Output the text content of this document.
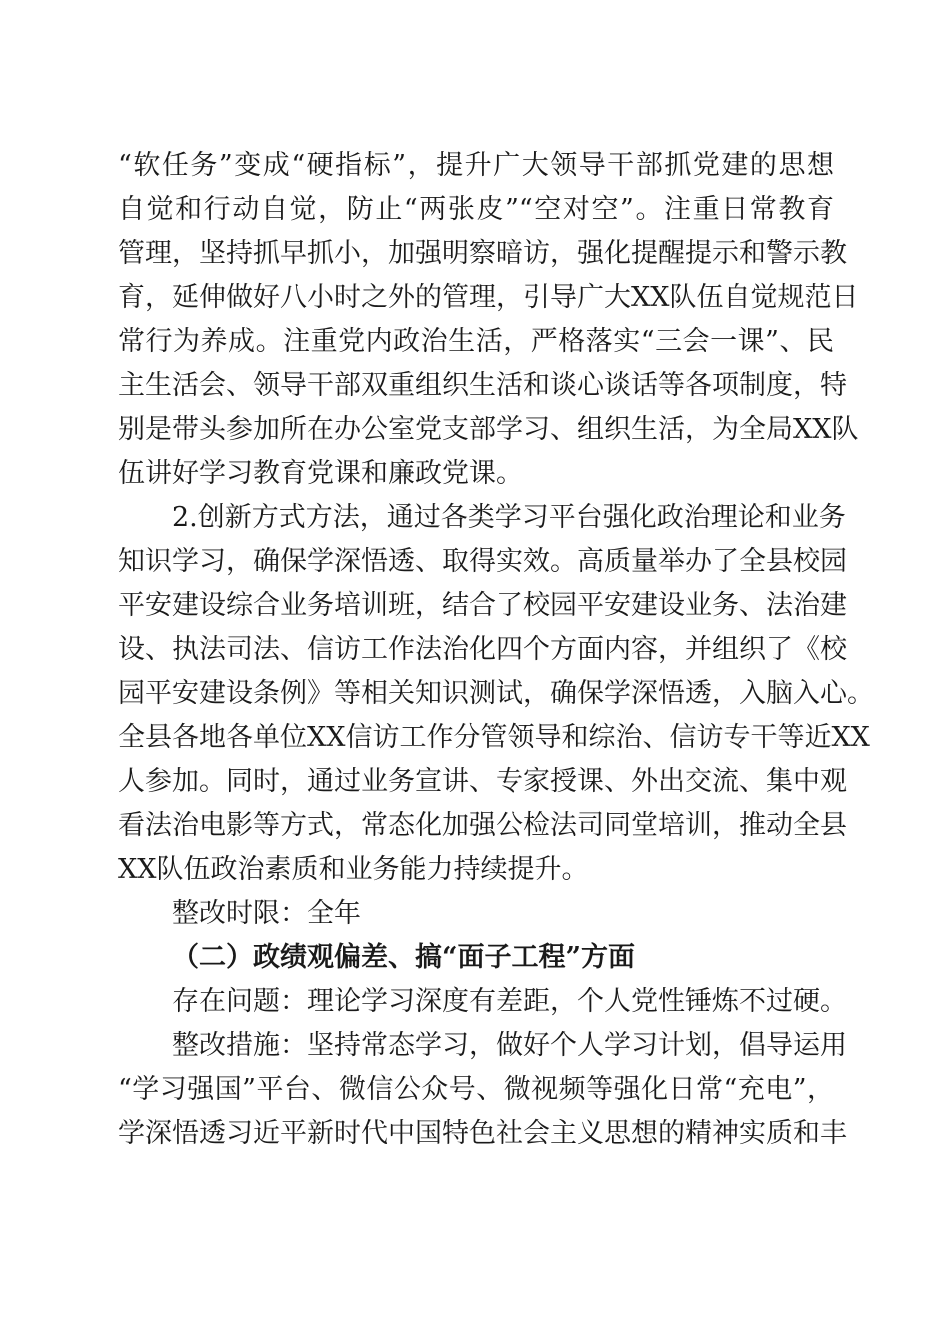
“软任务”变成“硬指标”，提升广大领导干部抓党建的思想
自觉和行动自觉，防止“两张皮”“空对空”。注重日常教育
管理，坚持抓早抓小，加强明察暗访，强化提醒提示和警示教
育，延伸做好八小时之外的管理，引导广大XX队伍自觉规范日
常行为养成。注重党内政治生活，严格落实“三会一课”、民
主生活会、领导干部双重组织生活和谈心谈话等各项制度，特
别是带头参加所在办公室党支部学习、组织生活，为全局XX队
伍讲好学习教育党课和廉政党课。
2.创新方式方法，通过各类学习平台强化政治理论和业务
知识学习，确保学深悟透、取得实效。高质量举办了全县校园
平安建设综合业务培训班，结合了校园平安建设业务、法治建
设、执法司法、信访工作法治化四个方面内容，并组织了《校
园平安建设条例》等相关知识测试，确保学深悟透，入脑入心。
全县各地各单位XX信访工作分管领导和综治、信访专干等近XX
人参加。同时，通过业务宣讲、专家授课、外出交流、集中观
看法治电影等方式，常态化加强公检法司同堂培训，推动全县
XX队伍政治素质和业务能力持续提升。
整改时限：全年
（二）政绩观偏差、搞“面子工程”方面
存在问题：理论学习深度有差距，个人党性锤炼不过硬。
整改措施：坚持常态学习，做好个人学习计划，倡导运用
“学习强国”平台、微信公众号、微视频等强化日常“充电”，
学深悟透习近平新时代中国特色社会主义思想的精神实质和丰
